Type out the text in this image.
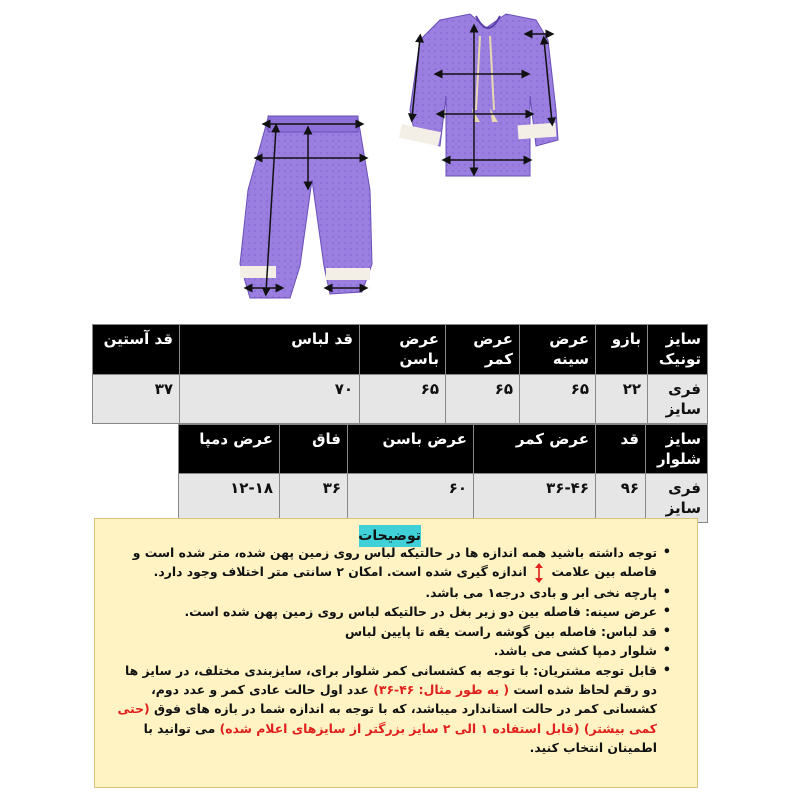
سایز تونیک	بازو	عرض سینه	عرض کمر	عرض باسن	قد لباس	قد آستین
فری سایز	۲۲	۶۵	۶۵	۶۵	۷۰	۳۷
سایز شلوار	قد	عرض کمر	عرض باسن	فاق	عرض دمپا
فری سایز	۹۶	۳۶-۴۶	۶۰	۳۶	۱۲-۱۸
توضیحات
• توجه داشته باشید همه اندازه ها در حالتیکه لباس روی زمین پهن شده، متر شده است و فاصله بین علامت  اندازه گیری شده است. امکان ۲ سانتی متر اختلاف وجود دارد.
• پارچه نخی ابر و بادی درجه۱ می باشد.
• عرض سینه: فاصله بین دو زیر بغل در حالتیکه لباس روی زمین پهن شده است.
• قد لباس: فاصله بین گوشه راست یقه تا پایین لباس
• شلوار دمپا کشی می باشد.
• قابل توجه مشتریان: با توجه به کشسانی کمر شلوار برای، سایزبندی مختلف، در سایز ها دو رقم لحاظ شده است ( به طور مثال: ۴۶-۳۶) عدد اول حالت عادی کمر و عدد دوم، کشسانی کمر در حالت استاندارد میباشد، که با توجه به اندازه شما در بازه های فوق (حتی کمی بیشتر) (قابل استفاده ۱ الی ۲ سایز بزرگتر از سایزهای اعلام شده) می توانید با اطمینان انتخاب کنید.
